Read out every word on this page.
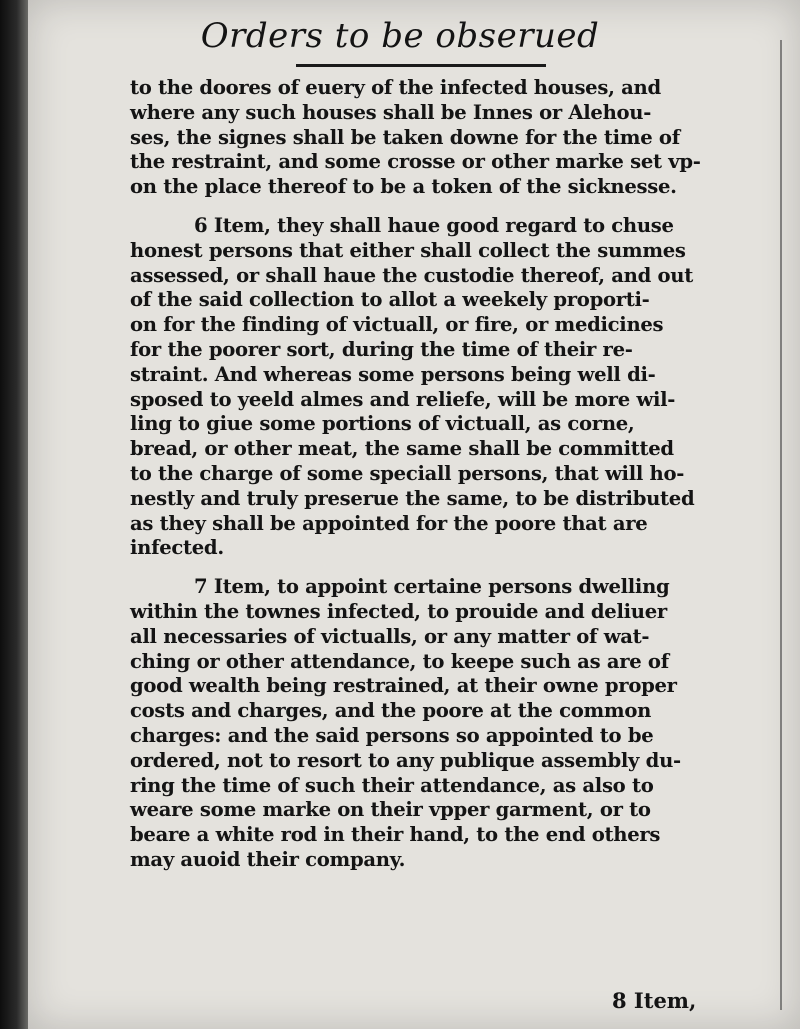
Orders to be obserued
to the doores of euery of the infected houses, and
where any such houses shall be Innes or Alehou-
ses, the signes shall be taken downe for the time of
the restraint, and some crosse or other marke set vp-
on the place thereof to be a token of the sicknesse.
6 Item, they shall haue good regard to chuse
honest persons that either shall collect the summes
assessed, or shall haue the custodie thereof, and out
of the said collection to allot a weekely proporti-
on for the finding of victuall, or fire, or medicines
for the poorer sort, during the time of their re-
straint. And whereas some persons being well di-
sposed to yeeld almes and reliefe, will be more wil-
ling to giue some portions of victuall, as corne,
bread, or other meat, the same shall be committed
to the charge of some speciall persons, that will ho-
nestly and truly preserue the same, to be distributed
as they shall be appointed for the poore that are
infected.
7 Item, to appoint certaine persons dwelling
within the townes infected, to prouide and deliuer
all necessaries of victualls, or any matter of wat-
ching or other attendance, to keepe such as are of
good wealth being restrained, at their owne proper
costs and charges, and the poore at the common
charges: and the said persons so appointed to be
ordered, not to resort to any publique assembly du-
ring the time of such their attendance, as also to
weare some marke on their vpper garment, or to
beare a white rod in their hand, to the end others
may auoid their company.
8 Item,
